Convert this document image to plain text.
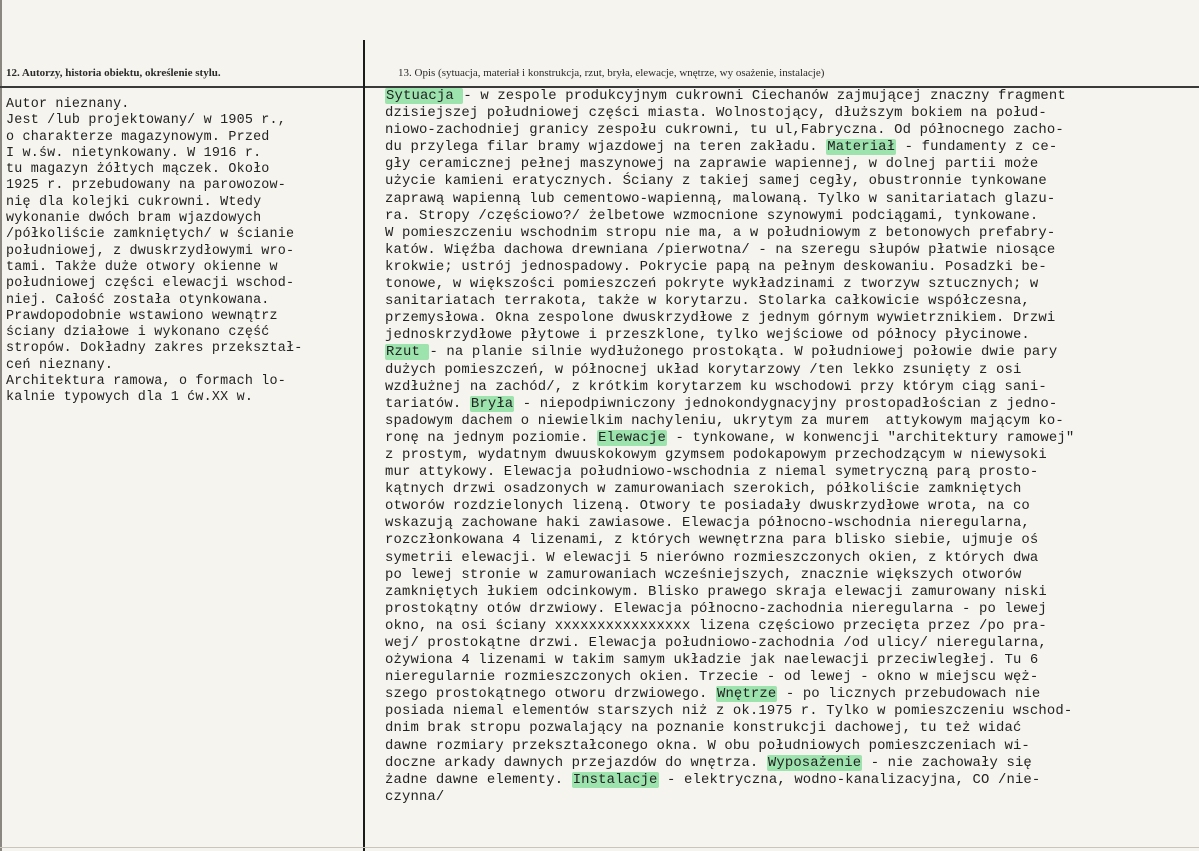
12. Autorzy, historia obiektu, określenie stylu.	13. Opis (sytuacja, materiał i konstrukcja, rzut, bryła, elewacje, wnętrze, wy osażenie, instalacje)
Autor nieznany.
Jest /lub projektowany/ w 1905 r.,
o charakterze magazynowym. Przed
I w.św. nietynkowany. W 1916 r.
tu magazyn żółtych mączek. Około
1925 r. przebudowany na parowozow-
nię dla kolejki cukrowni. Wtedy
wykonanie dwóch bram wjazdowych
/półkoliście zamkniętych/ w ścianie
południowej, z dwuskrzydłowymi wro-
tami. Także duże otwory okienne w
południowej części elewacji wschod-
niej. Całość została otynkowana.
Prawdopodobnie wstawiono wewnątrz
ściany działowe i wykonano część
stropów. Dokładny zakres przekształ-
ceń nieznany.
Architektura ramowa, o formach lo-
kalnie typowych dla 1 ćw.XX w.
Sytuacja - w zespole produkcyjnym cukrowni Ciechanów zajmującej znaczny fragment
dzisiejszej południowej części miasta. Wolnostojący, dłuższym bokiem na połud-
niowo-zachodniej granicy zespołu cukrowni, tu ul,Fabryczna. Od północnego zacho-
du przylega filar bramy wjazdowej na teren zakładu. Materiał - fundamenty z ce-
gły ceramicznej pełnej maszynowej na zaprawie wapiennej, w dolnej partii może
użycie kamieni eratycznych. Ściany z takiej samej cegły, obustronnie tynkowane
zaprawą wapienną lub cementowo-wapienną, malowaną. Tylko w sanitariatach glazu-
ra. Stropy /częściowo?/ żelbetowe wzmocnione szynowymi podciągami, tynkowane.
W pomieszczeniu wschodnim stropu nie ma, a w południowym z betonowych prefabry-
katów. Więźba dachowa drewniana /pierwotna/ - na szeregu słupów płatwie niosące
krokwie; ustrój jednospadowy. Pokrycie papą na pełnym deskowaniu. Posadzki be-
tonowe, w większości pomieszczeń pokryte wykładzinami z tworzyw sztucznych; w
sanitariatach terrakota, także w korytarzu. Stolarka całkowicie współczesna,
przemysłowa. Okna zespolone dwuskrzydłowe z jednym górnym wywietrznikiem. Drzwi
jednoskrzydłowe płytowe i przeszklone, tylko wejściowe od północy płycinowe.
Rzut - na planie silnie wydłużonego prostokąta. W południowej połowie dwie pary
dużych pomieszczeń, w północnej układ korytarzowy /ten lekko zsunięty z osi
wzdłużnej na zachód/, z krótkim korytarzem ku wschodowi przy którym ciąg sani-
tariatów. Bryła - niepodpiwniczony jednokondygnacyjny prostopadłościan z jedno-
spadowym dachem o niewielkim nachyleniu, ukrytym za murem  attykowym mającym ko-
ronę na jednym poziomie. Elewacje - tynkowane, w konwencji "architektury ramowej"
z prostym, wydatnym dwuuskokowym gzymsem podokapowym przechodzącym w niewysoki
mur attykowy. Elewacja południowo-wschodnia z niemal symetryczną parą prosto-
kątnych drzwi osadzonych w zamurowaniach szerokich, półkoliście zamkniętych
otworów rozdzielonych lizeną. Otwory te posiadały dwuskrzydłowe wrota, na co
wskazują zachowane haki zawiasowe. Elewacja północno-wschodnia nieregularna,
rozczłonkowana 4 lizenami, z których wewnętrzna para blisko siebie, ujmuje oś
symetrii elewacji. W elewacji 5 nierówno rozmieszczonych okien, z których dwa
po lewej stronie w zamurowaniach wcześniejszych, znacznie większych otworów
zamkniętych łukiem odcinkowym. Blisko prawego skraja elewacji zamurowany niski
prostokątny otów drzwiowy. Elewacja północno-zachodnia nieregularna - po lewej
okno, na osi ściany xxxxxxxxxxxxxxxx lizena częściowo przecięta przez /po pra-
wej/ prostokątne drzwi. Elewacja południowo-zachodnia /od ulicy/ nieregularna,
ożywiona 4 lizenami w takim samym układzie jak naelewacji przeciwległej. Tu 6
nieregularnie rozmieszczonych okien. Trzecie - od lewej - okno w miejscu węż-
szego prostokątnego otworu drzwiowego. Wnętrze - po licznych przebudowach nie
posiada niemal elementów starszych niż z ok.1975 r. Tylko w pomieszczeniu wschod-
dnim brak stropu pozwalający na poznanie konstrukcji dachowej, tu też widać
dawne rozmiary przekształconego okna. W obu południowych pomieszczeniach wi-
doczne arkady dawnych przejazdów do wnętrza. Wyposażenie - nie zachowały się
żadne dawne elementy. Instalacje - elektryczna, wodno-kanalizacyjna, CO /nie-
czynna/
